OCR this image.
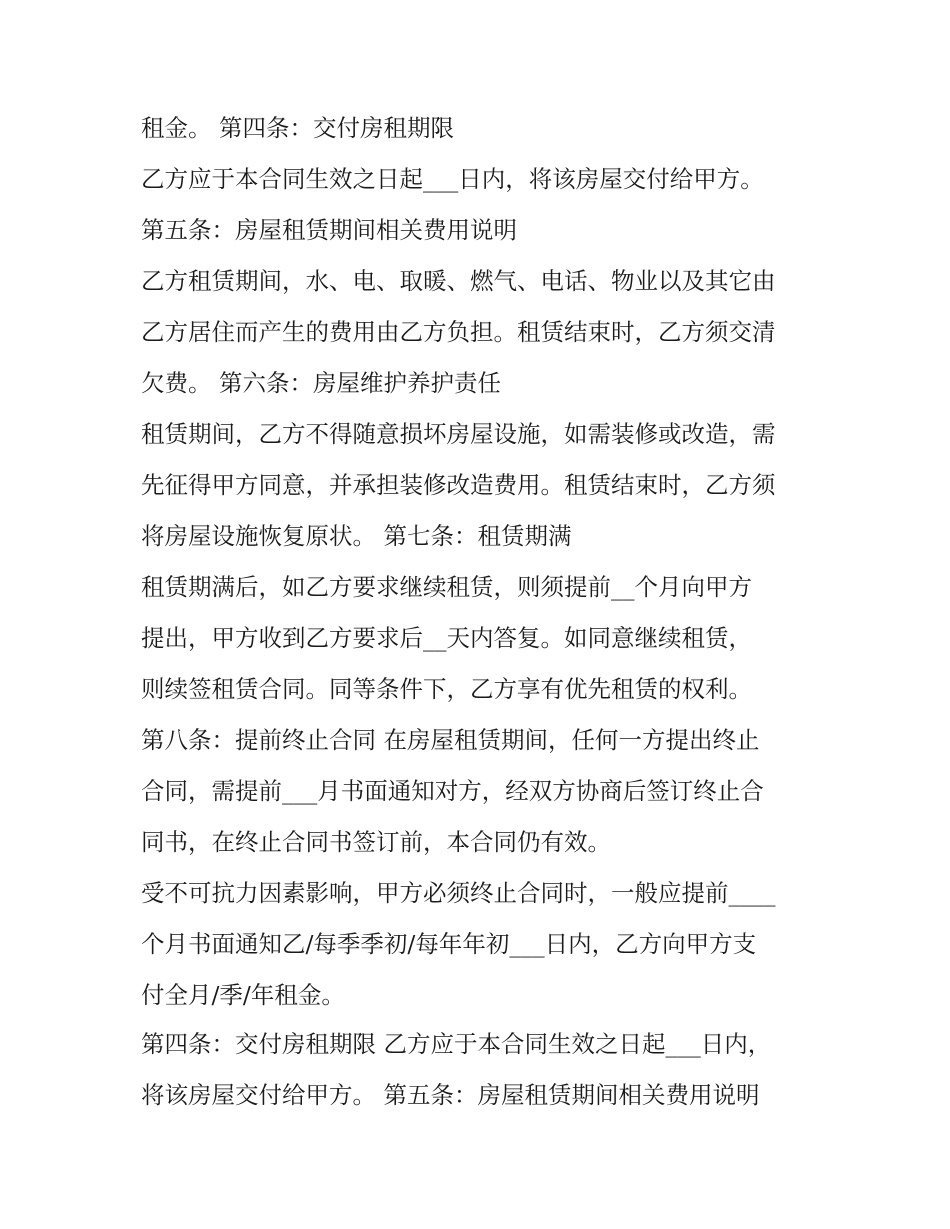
租金。 第四条：交付房租期限
乙方应于本合同生效之日起___日内，将该房屋交付给甲方。
第五条：房屋租赁期间相关费用说明
乙方租赁期间，水、电、取暖、燃气、电话、物业以及其它由
乙方居住而产生的费用由乙方负担。租赁结束时，乙方须交清
欠费。 第六条：房屋维护养护责任
租赁期间，乙方不得随意损坏房屋设施，如需装修或改造，需
先征得甲方同意，并承担装修改造费用。租赁结束时，乙方须
将房屋设施恢复原状。 第七条：租赁期满
租赁期满后，如乙方要求继续租赁，则须提前__个月向甲方
提出，甲方收到乙方要求后__天内答复。如同意继续租赁，
则续签租赁合同。同等条件下，乙方享有优先租赁的权利。
第八条：提前终止合同 在房屋租赁期间，任何一方提出终止
合同，需提前___月书面通知对方，经双方协商后签订终止合
同书，在终止合同书签订前，本合同仍有效。
受不可抗力因素影响，甲方必须终止合同时，一般应提前____
个月书面通知乙/每季季初/每年年初___日内，乙方向甲方支
付全月/季/年租金。
第四条：交付房租期限 乙方应于本合同生效之日起___日内，
将该房屋交付给甲方。 第五条：房屋租赁期间相关费用说明
